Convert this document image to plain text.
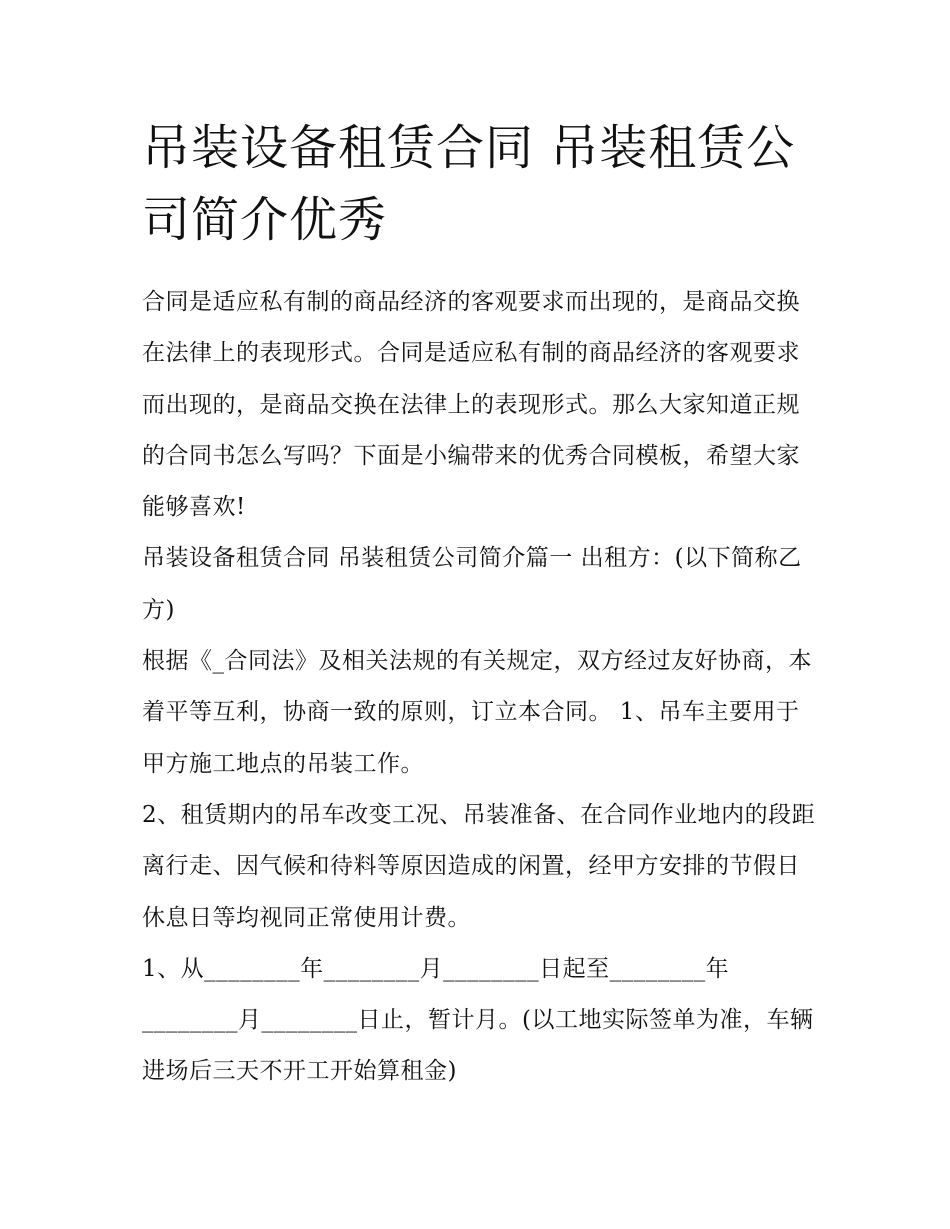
吊装设备租赁合同 吊装租赁公司简介优秀

合同是适应私有制的商品经济的客观要求而出现的，是商品交换在法律上的表现形式。合同是适应私有制的商品经济的客观要求而出现的，是商品交换在法律上的表现形式。那么大家知道正规的合同书怎么写吗？下面是小编带来的优秀合同模板，希望大家能够喜欢!

吊装设备租赁合同 吊装租赁公司简介篇一 出租方：(以下简称乙方)

根据《_合同法》及相关法规的有关规定，双方经过友好协商，本着平等互利，协商一致的原则，订立本合同。 1、吊车主要用于甲方施工地点的吊装工作。

2、租赁期内的吊车改变工况、吊装准备、在合同作业地内的段距离行走、因气候和待料等原因造成的闲置，经甲方安排的节假日休息日等均视同正常使用计费。

1、从________年________月________日起至________年________月________日止，暂计月。(以工地实际签单为准，车辆进场后三天不开工开始算租金)
